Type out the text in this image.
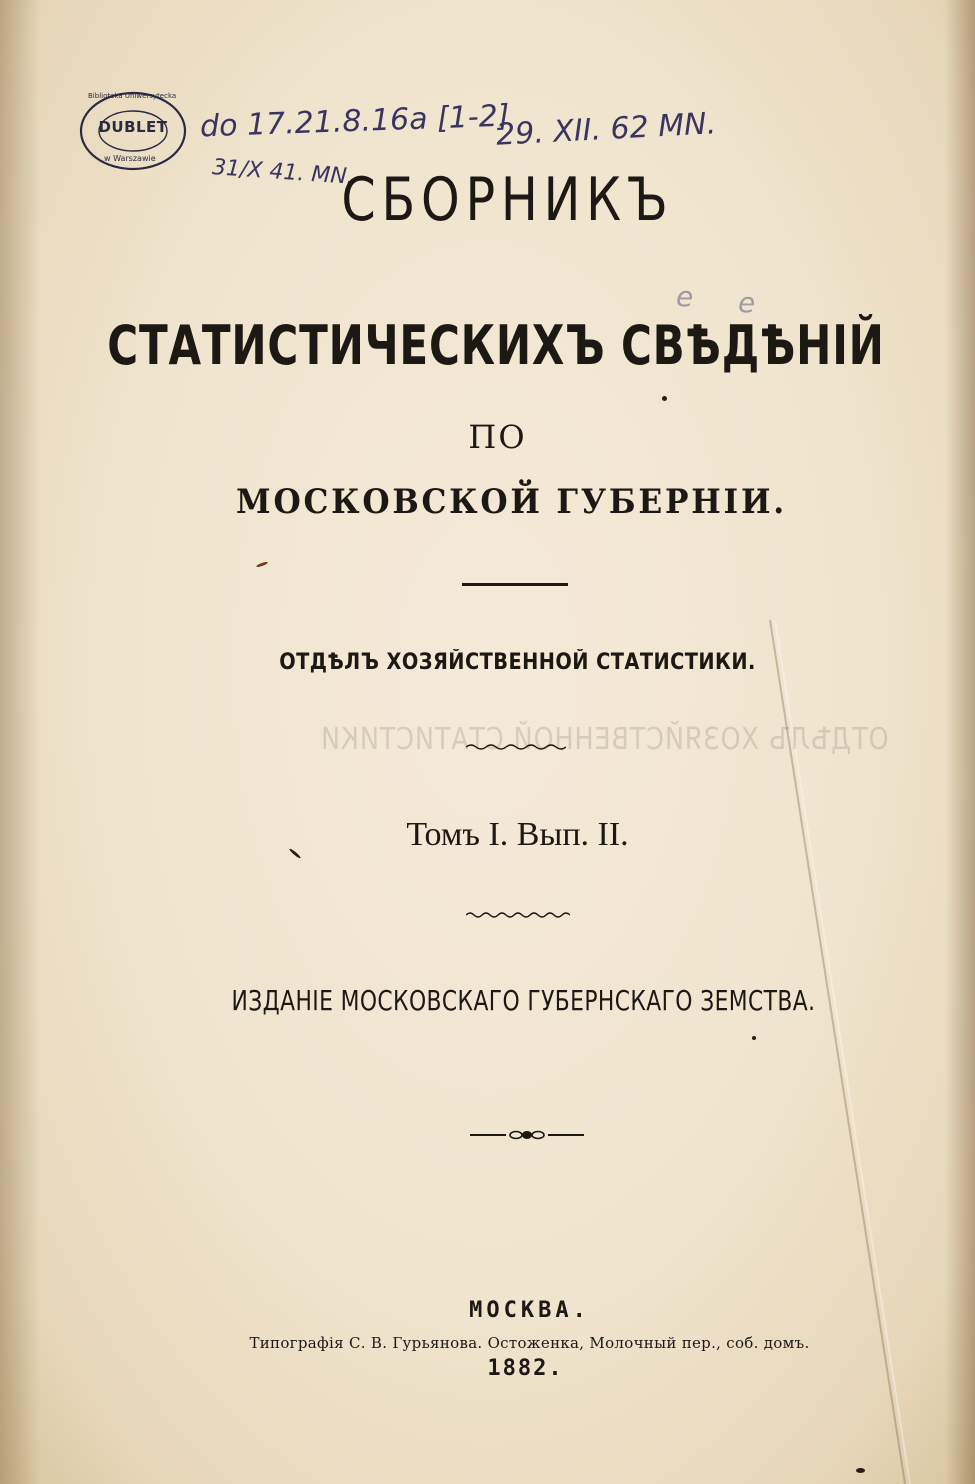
DUBLET
Biblioteka Uniwersytecka
w Warszawie
do 17.21.8.16a [1-2]
29. XII. 62 MN.
31/X 41. MN.
e e
СБОРНИКЪ
СТАТИСТИЧЕСКИХЪ СВѢДѢНІЙ
ПО
МОСКОВСКОЙ ГУБЕРНІИ.
ОТДѢЛЪ ХОЗЯЙСТВЕННОЙ СТАТИСТИКИ.
ОТДѢЛЪ ХОЗЯЙСТВЕННОЙ СТАТИСТИКИ
Томъ I. Вып. II.
ИЗДАНІЕ МОСКОВСКАГО ГУБЕРНСКАГО ЗЕМСТВА.
МОСКВА.
Типографія С. В. Гурьянова. Остоженка, Молочный пер., соб. домъ.
1882.
